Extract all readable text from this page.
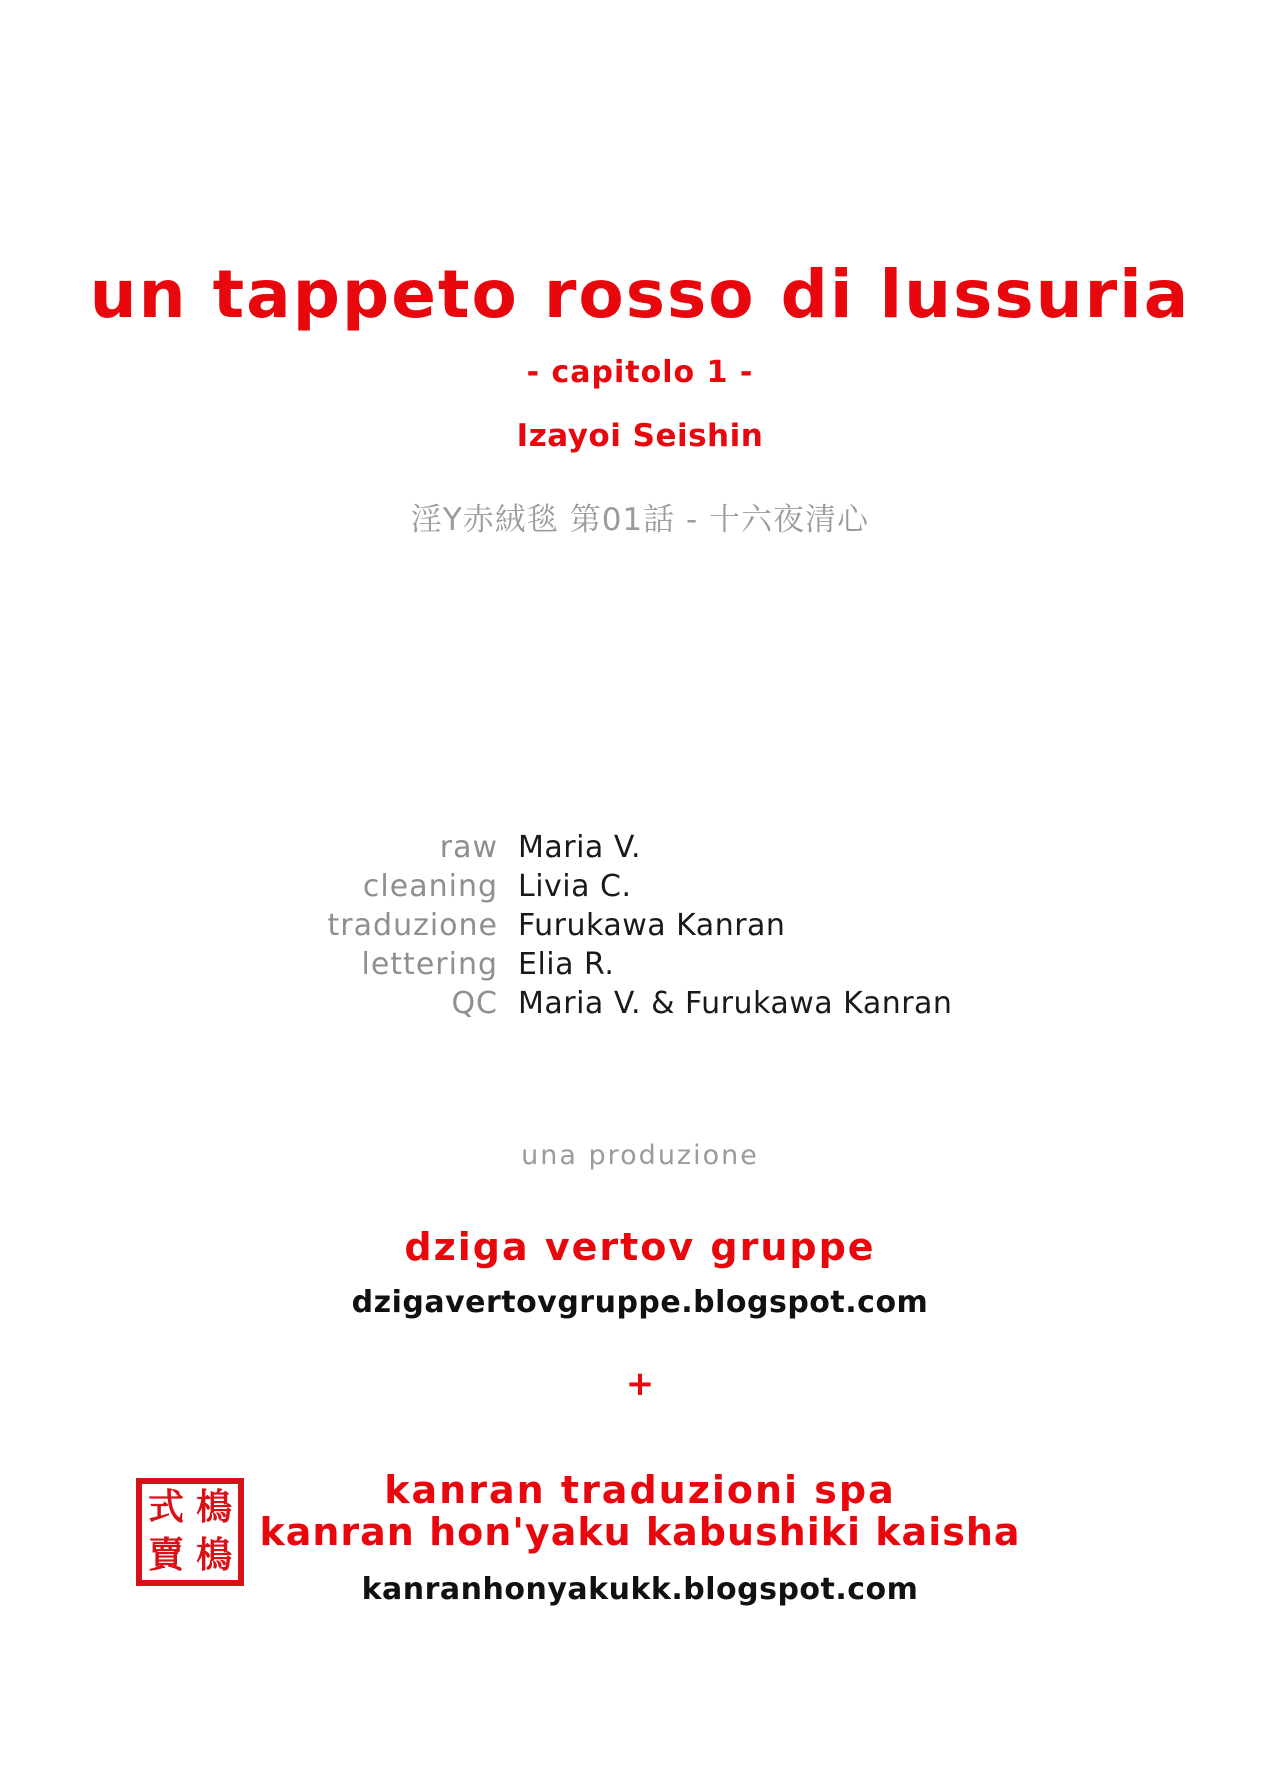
un tappeto rosso di lussuria
- capitolo 1 -
Izayoi Seishin
淫Y赤絨毯 第01話 - 十六夜清心
raw	Maria V.
cleaning	Livia C.
traduzione	Furukawa Kanran
lettering	Elia R.
QC	Maria V. & Furukawa Kanran
una produzione
dziga vertov gruppe
dzigavertovgruppe.blogspot.com
+
式 樢
賣 樢
kanran traduzioni spa
kanran hon'yaku kabushiki kaisha
kanranhonyakukk.blogspot.com
